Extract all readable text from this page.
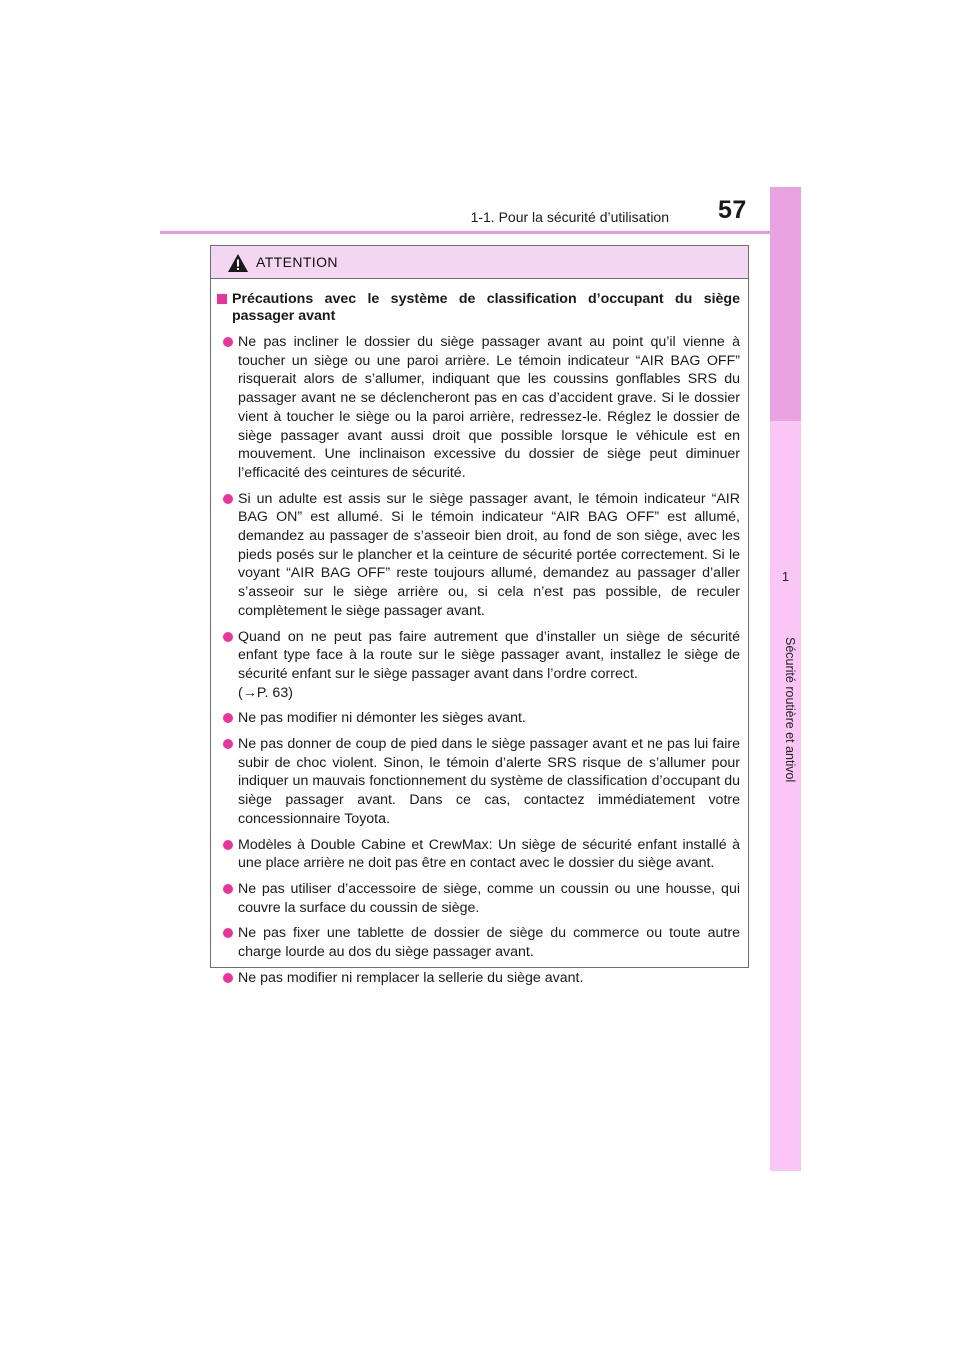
1-1. Pour la sécurité d’utilisation 57
1
Sécurité routière et antivol
ATTENTION
Précautions avec le système de classification d’occupant du siège passager avant
Ne pas incliner le dossier du siège passager avant au point qu’il vienne à toucher un siège ou une paroi arrière. Le témoin indicateur “AIR BAG OFF” risquerait alors de s’allumer, indiquant que les coussins gonflables SRS du passager avant ne se déclencheront pas en cas d’accident grave. Si le dossier vient à toucher le siège ou la paroi arrière, redressez-le. Réglez le dossier de siège passager avant aussi droit que possible lorsque le véhicule est en mouvement. Une inclinaison excessive du dossier de siège peut diminuer l’efficacité des ceintures de sécurité.
Si un adulte est assis sur le siège passager avant, le témoin indicateur “AIR BAG ON” est allumé. Si le témoin indicateur “AIR BAG OFF” est allumé, demandez au passager de s’asseoir bien droit, au fond de son siège, avec les pieds posés sur le plancher et la ceinture de sécurité portée correctement. Si le voyant “AIR BAG OFF” reste toujours allumé, demandez au passager d’aller s’asseoir sur le siège arrière ou, si cela n’est pas possible, de reculer complètement le siège passager avant.
Quand on ne peut pas faire autrement que d’installer un siège de sécurité enfant type face à la route sur le siège passager avant, installez le siège de sécurité enfant sur le siège passager avant dans l’ordre correct.
(→P. 63)
Ne pas modifier ni démonter les sièges avant.
Ne pas donner de coup de pied dans le siège passager avant et ne pas lui faire subir de choc violent. Sinon, le témoin d’alerte SRS risque de s’allumer pour indiquer un mauvais fonctionnement du système de classification d’occupant du siège passager avant. Dans ce cas, contactez immédiatement votre concessionnaire Toyota.
Modèles à Double Cabine et CrewMax: Un siège de sécurité enfant installé à une place arrière ne doit pas être en contact avec le dossier du siège avant.
Ne pas utiliser d’accessoire de siège, comme un coussin ou une housse, qui couvre la surface du coussin de siège.
Ne pas fixer une tablette de dossier de siège du commerce ou toute autre charge lourde au dos du siège passager avant.
Ne pas modifier ni remplacer la sellerie du siège avant.
